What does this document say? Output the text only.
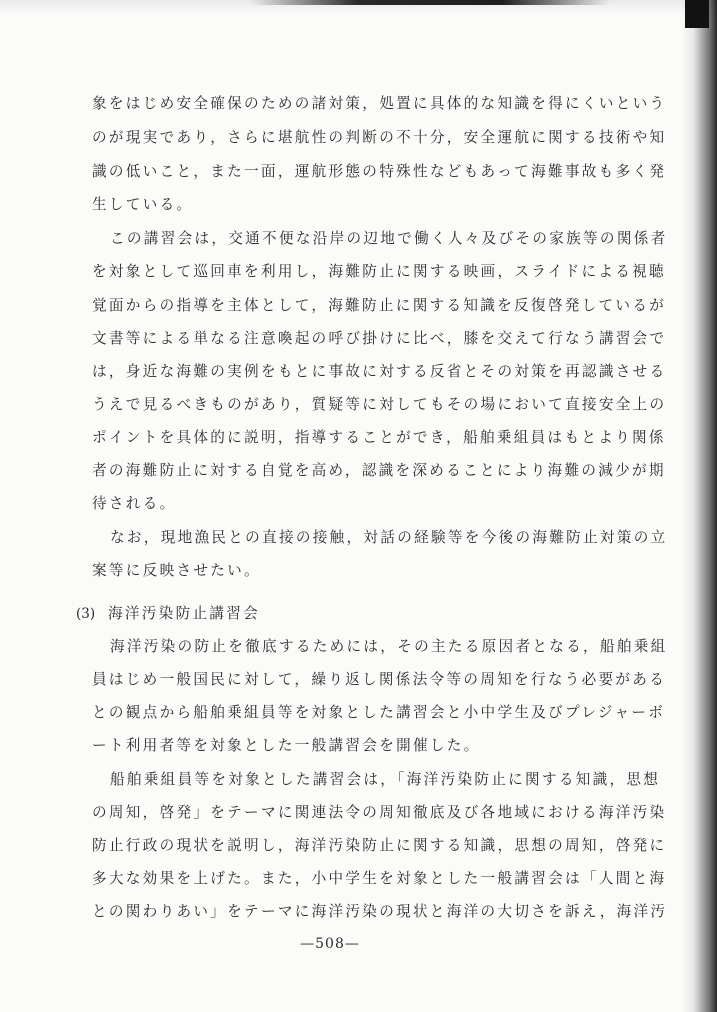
象をはじめ安全確保のための諸対策，処置に具体的な知識を得にくいという
のが現実であり，さらに堪航性の判断の不十分，安全運航に関する技術や知
識の低いこと，また一面，運航形態の特殊性などもあって海難事故も多く発
生している。
この講習会は，交通不便な沿岸の辺地で働く人々及びその家族等の関係者
を対象として巡回車を利用し，海難防止に関する映画，スライドによる視聴
覚面からの指導を主体として，海難防止に関する知識を反復啓発しているが
文書等による単なる注意喚起の呼び掛けに比べ，膝を交えて行なう講習会で
は，身近な海難の実例をもとに事故に対する反省とその対策を再認識させる
うえで見るべきものがあり，質疑等に対してもその場において直接安全上の
ポイントを具体的に説明，指導することができ，船舶乗組員はもとより関係
者の海難防止に対する自覚を高め，認識を深めることにより海難の減少が期
待される。
なお，現地漁民との直接の接触，対話の経験等を今後の海難防止対策の立
案等に反映させたい。
(3) 海洋汚染防止講習会
海洋汚染の防止を徹底するためには，その主たる原因者となる，船舶乗組
員はじめ一般国民に対して，繰り返し関係法令等の周知を行なう必要がある
との観点から船舶乗組員等を対象とした講習会と小中学生及びプレジャーボ
ート利用者等を対象とした一般講習会を開催した。
船舶乗組員等を対象とした講習会は，「海洋汚染防止に関する知識，思想
の周知，啓発」をテーマに関連法令の周知徹底及び各地域における海洋汚染
防止行政の現状を説明し，海洋汚染防止に関する知識，思想の周知，啓発に
多大な効果を上げた。また，小中学生を対象とした一般講習会は「人間と海
との関わりあい」をテーマに海洋汚染の現状と海洋の大切さを訴え，海洋汚
—508—
